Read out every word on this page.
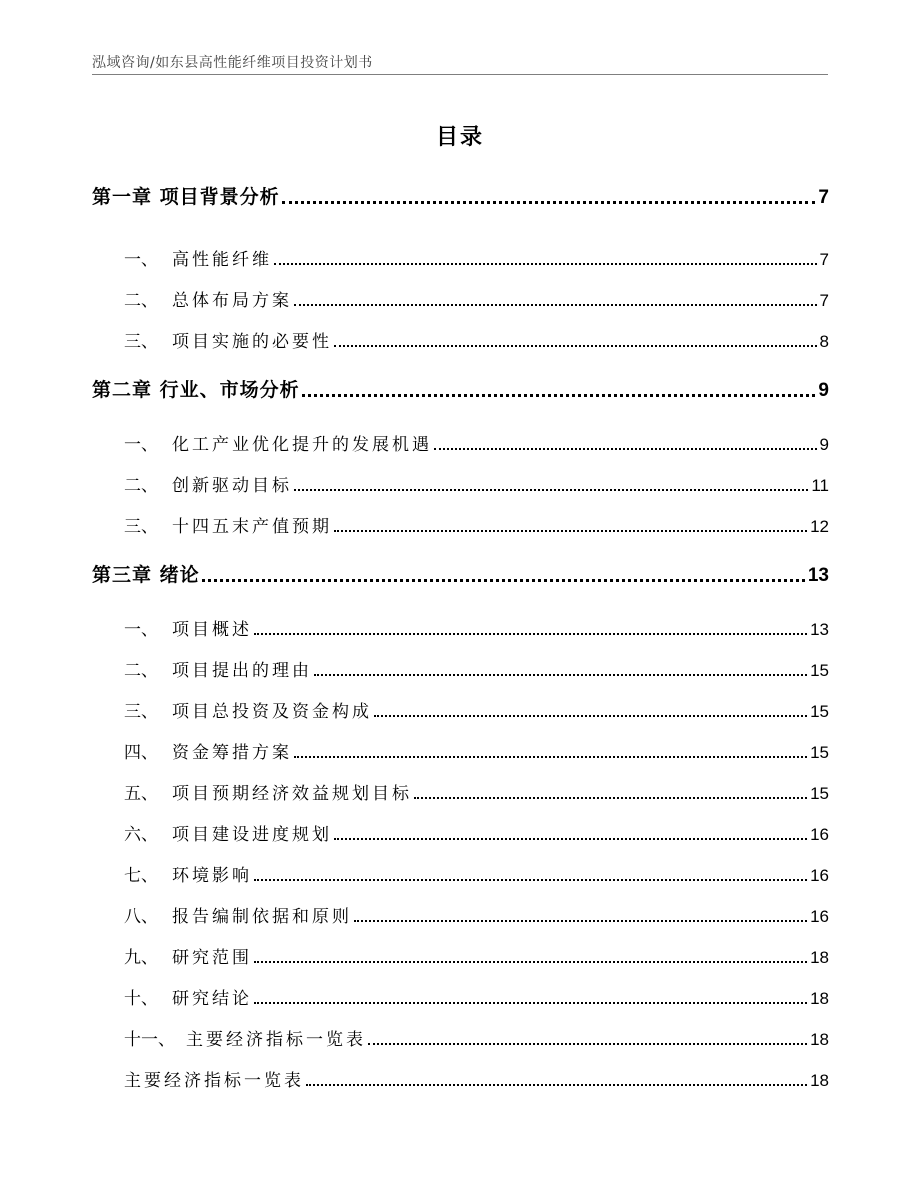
泓域咨询/如东县高性能纤维项目投资计划书
目录
第一章 项目背景分析	7
一、 高性能纤维	7
二、 总体布局方案	7
三、 项目实施的必要性	8
第二章 行业、市场分析	9
一、 化工产业优化提升的发展机遇	9
二、 创新驱动目标	11
三、 十四五末产值预期	12
第三章 绪论	13
一、 项目概述	13
二、 项目提出的理由	15
三、 项目总投资及资金构成	15
四、 资金筹措方案	15
五、 项目预期经济效益规划目标	15
六、 项目建设进度规划	16
七、 环境影响	16
八、 报告编制依据和原则	16
九、 研究范围	18
十、 研究结论	18
十一、 主要经济指标一览表	18
主要经济指标一览表	18
